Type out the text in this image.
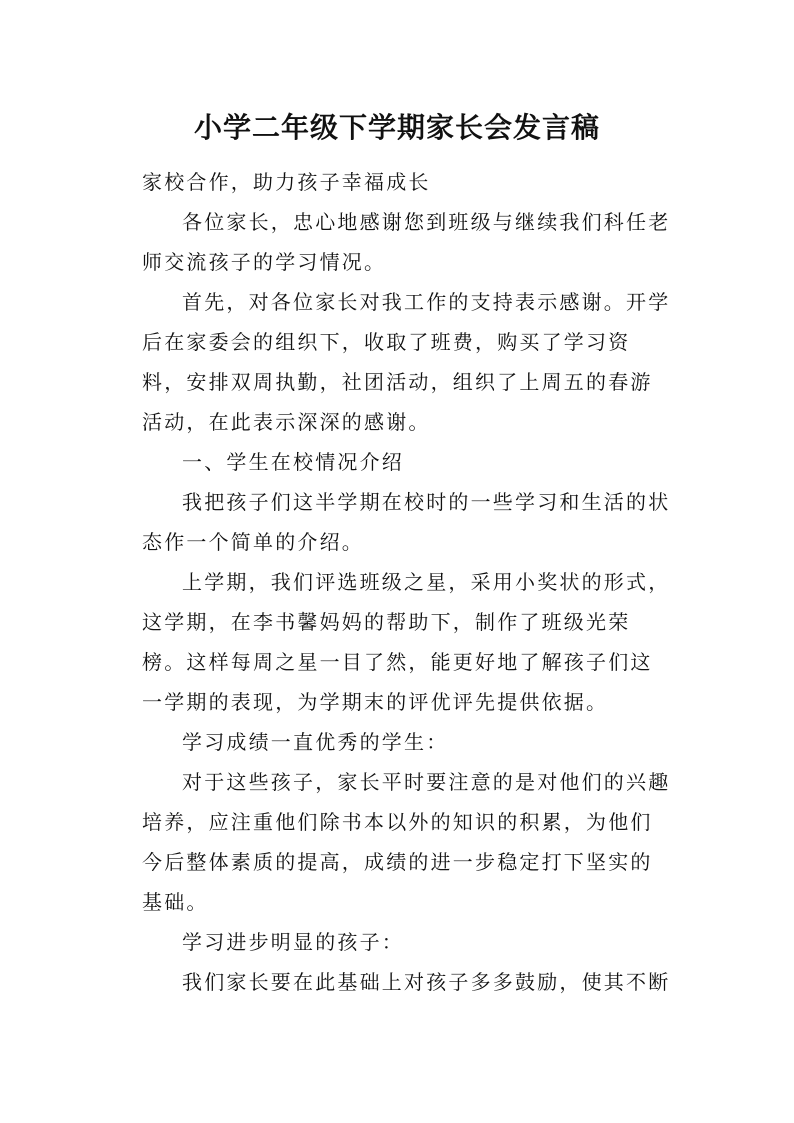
小学二年级下学期家长会发言稿

家校合作，助力孩子幸福成长

各位家长，忠心地感谢您到班级与继续我们科任老师交流孩子的学习情况。

首先，对各位家长对我工作的支持表示感谢。开学后在家委会的组织下，收取了班费，购买了学习资料，安排双周执勤，社团活动，组织了上周五的春游活动，在此表示深深的感谢。

一、学生在校情况介绍

我把孩子们这半学期在校时的一些学习和生活的状态作一个简单的介绍。

上学期，我们评选班级之星，采用小奖状的形式，这学期，在李书馨妈妈的帮助下，制作了班级光荣榜。这样每周之星一目了然，能更好地了解孩子们这一学期的表现，为学期末的评优评先提供依据。

学习成绩一直优秀的学生：

对于这些孩子，家长平时要注意的是对他们的兴趣培养，应注重他们除书本以外的知识的积累，为他们今后整体素质的提高，成绩的进一步稳定打下坚实的基础。

学习进步明显的孩子：

我们家长要在此基础上对孩子多多鼓励，使其不断
